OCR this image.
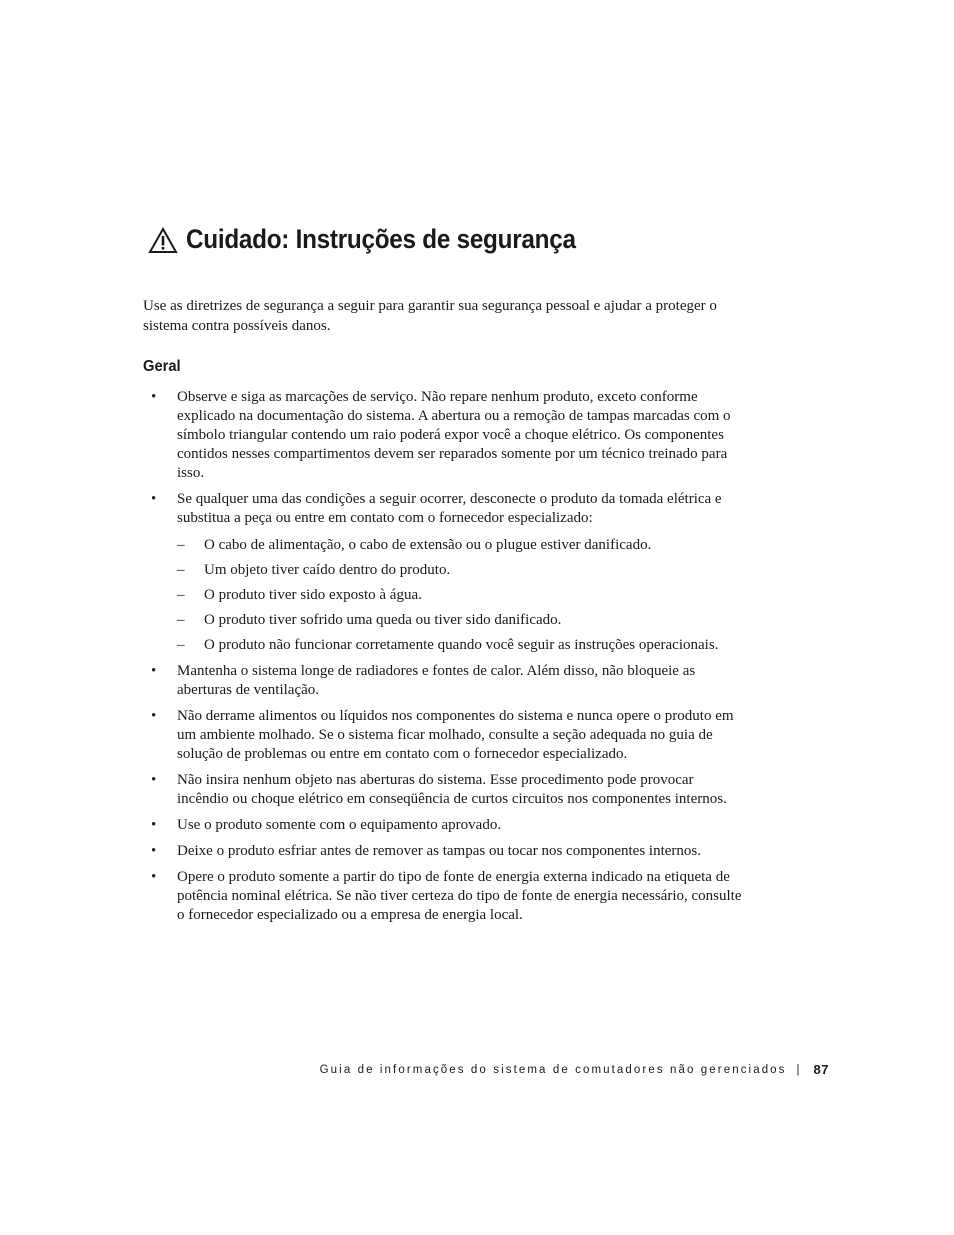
Cuidado: Instruções de segurança

Use as diretrizes de segurança a seguir para garantir sua segurança pessoal e ajudar a proteger o sistema contra possíveis danos.

Geral
• Observe e siga as marcações de serviço. Não repare nenhum produto, exceto conforme explicado na documentação do sistema. A abertura ou a remoção de tampas marcadas com o símbolo triangular contendo um raio poderá expor você a choque elétrico. Os componentes contidos nesses compartimentos devem ser reparados somente por um técnico treinado para isso.
• Se qualquer uma das condições a seguir ocorrer, desconecte o produto da tomada elétrica e substitua a peça ou entre em contato com o fornecedor especializado:
– O cabo de alimentação, o cabo de extensão ou o plugue estiver danificado.
– Um objeto tiver caído dentro do produto.
– O produto tiver sido exposto à água.
– O produto tiver sofrido uma queda ou tiver sido danificado.
– O produto não funcionar corretamente quando você seguir as instruções operacionais.
• Mantenha o sistema longe de radiadores e fontes de calor. Além disso, não bloqueie as aberturas de ventilação.
• Não derrame alimentos ou líquidos nos componentes do sistema e nunca opere o produto em um ambiente molhado. Se o sistema ficar molhado, consulte a seção adequada no guia de solução de problemas ou entre em contato com o fornecedor especializado.
• Não insira nenhum objeto nas aberturas do sistema. Esse procedimento pode provocar incêndio ou choque elétrico em conseqüência de curtos circuitos nos componentes internos.
• Use o produto somente com o equipamento aprovado.
• Deixe o produto esfriar antes de remover as tampas ou tocar nos componentes internos.
• Opere o produto somente a partir do tipo de fonte de energia externa indicado na etiqueta de potência nominal elétrica. Se não tiver certeza do tipo de fonte de energia necessário, consulte o fornecedor especializado ou a empresa de energia local.
Guia de informações do sistema de comutadores não gerenciados | 87
